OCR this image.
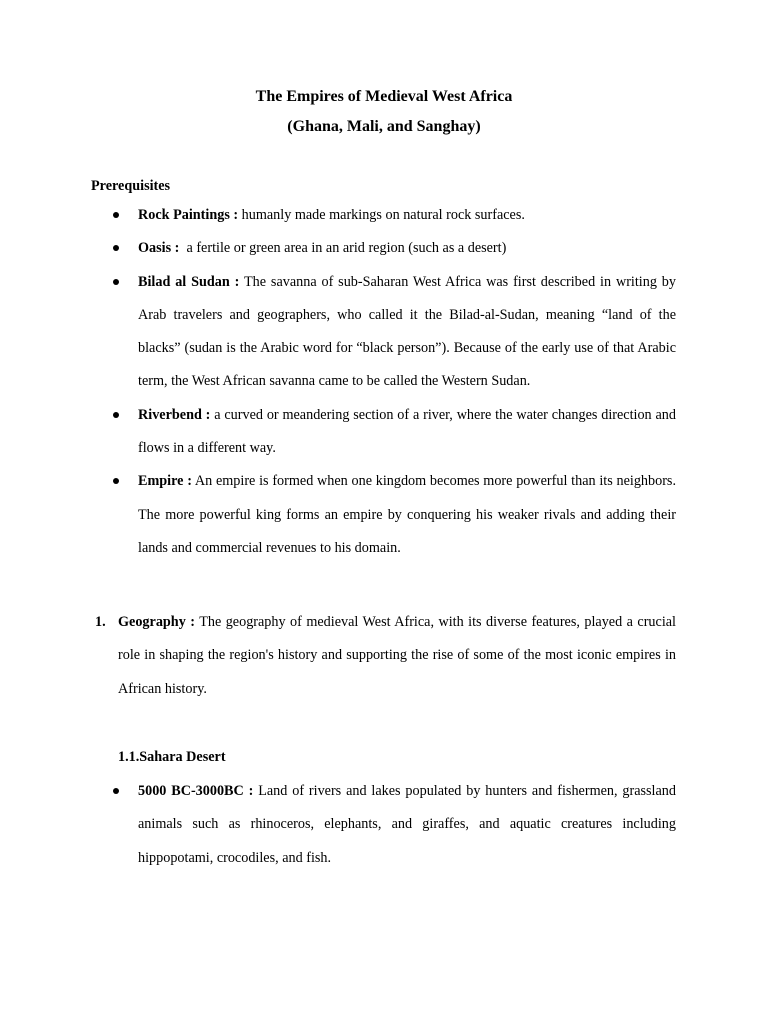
The Empires of Medieval West Africa
(Ghana, Mali, and Sanghay)
Prerequisites
Rock Paintings : humanly made markings on natural rock surfaces.
Oasis :  a fertile or green area in an arid region (such as a desert)
Bilad al Sudan : The savanna of sub-Saharan West Africa was first described in writing by Arab travelers and geographers, who called it the Bilad-al-Sudan, meaning “land of the blacks” (sudan is the Arabic word for “black person”). Because of the early use of that Arabic term, the West African savanna came to be called the Western Sudan.
Riverbend : a curved or meandering section of a river, where the water changes direction and flows in a different way.
Empire : An empire is formed when one kingdom becomes more powerful than its neighbors. The more powerful king forms an empire by conquering his weaker rivals and adding their lands and commercial revenues to his domain.
1. Geography : The geography of medieval West Africa, with its diverse features, played a crucial role in shaping the region's history and supporting the rise of some of the most iconic empires in African history.
1.1.Sahara Desert
5000 BC-3000BC : Land of rivers and lakes populated by hunters and fishermen, grassland animals such as rhinoceros, elephants, and giraffes, and aquatic creatures including hippopotami, crocodiles, and fish.
